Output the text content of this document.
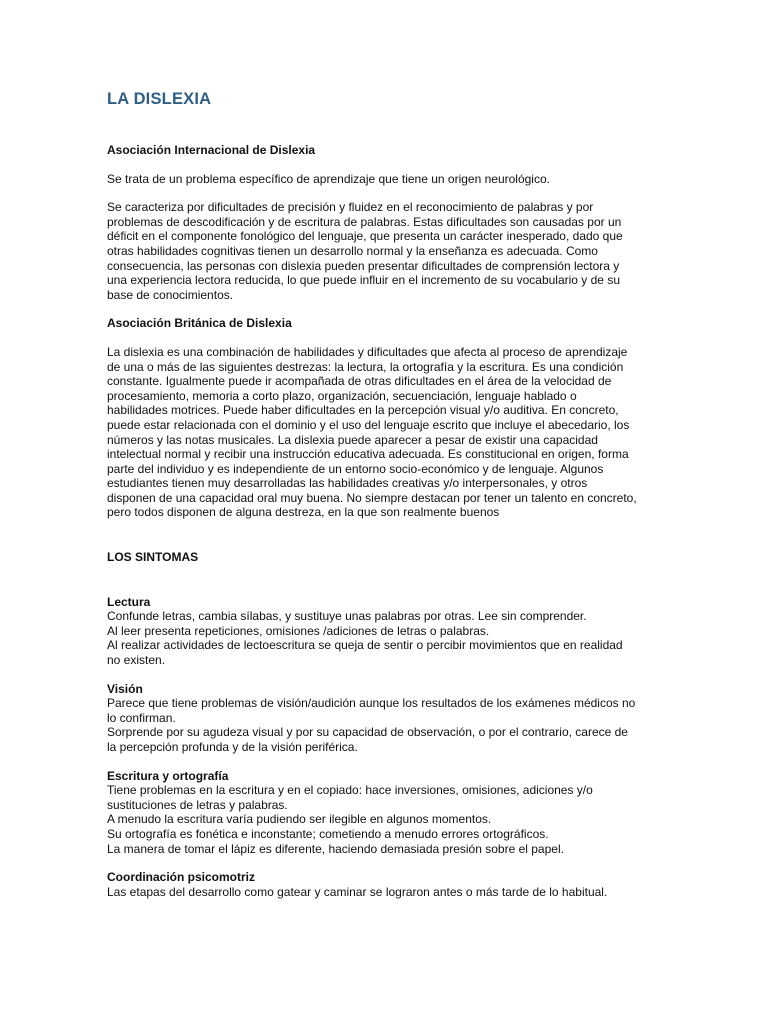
LA DISLEXIA
Asociación Internacional de Dislexia
Se trata de un problema específico de aprendizaje que tiene un origen neurológico.
Se caracteriza por dificultades de precisión y fluidez en el reconocimiento de palabras y por
problemas de descodificación y de escritura de palabras. Estas dificultades son causadas por un
déficit en el componente fonológico del lenguaje, que presenta un carácter inesperado, dado que
otras habilidades cognitivas tienen un desarrollo normal y la enseñanza es adecuada. Como
consecuencia, las personas con dislexia pueden presentar dificultades de comprensión lectora y
una experiencia lectora reducida, lo que puede influir en el incremento de su vocabulario y de su
base de conocimientos.
Asociación Británica de Dislexia
La dislexia es una combinación de habilidades y dificultades que afecta al proceso de aprendizaje
de una o más de las siguientes destrezas: la lectura, la ortografía y la escritura. Es una condición
constante. Igualmente puede ir acompañada de otras dificultades en el área de la velocidad de
procesamiento, memoria a corto plazo, organización, secuenciación, lenguaje hablado o
habilidades motrices. Puede haber dificultades en la percepción visual y/o auditiva. En concreto,
puede estar relacionada con el dominio y el uso del lenguaje escrito que incluye el abecedario, los
números y las notas musicales. La dislexia puede aparecer a pesar de existir una capacidad
intelectual normal y recibir una instrucción educativa adecuada. Es constitucional en origen, forma
parte del individuo y es independiente de un entorno socio-económico y de lenguaje. Algunos
estudiantes tienen muy desarrolladas las habilidades creativas y/o interpersonales, y otros
disponen de una capacidad oral muy buena. No siempre destacan por tener un talento en concreto,
pero todos disponen de alguna destreza, en la que son realmente buenos
LOS SINTOMAS
Lectura
Confunde letras, cambia sílabas, y sustituye unas palabras por otras. Lee sin comprender.
Al leer presenta repeticiones, omisiones /adiciones de letras o palabras.
Al realizar actividades de lectoescritura se queja de sentir o percibir movimientos que en realidad
no existen.
Visión
Parece que tiene problemas de visión/audición aunque los resultados de los exámenes médicos no
lo confirman.
Sorprende por su agudeza visual y por su capacidad de observación, o por el contrario, carece de
la percepción profunda y de la visión periférica.
Escritura y ortografía
Tiene problemas en la escritura y en el copiado: hace inversiones, omisiones, adiciones y/o
sustituciones de letras y palabras.
A menudo la escritura varía pudiendo ser ilegible en algunos momentos.
Su ortografía es fonética e inconstante; cometiendo a menudo errores ortográficos.
La manera de tomar el lápiz es diferente, haciendo demasiada presión sobre el papel.
Coordinación psicomotriz
Las etapas del desarrollo como gatear y caminar se lograron antes o más tarde de lo habitual.
